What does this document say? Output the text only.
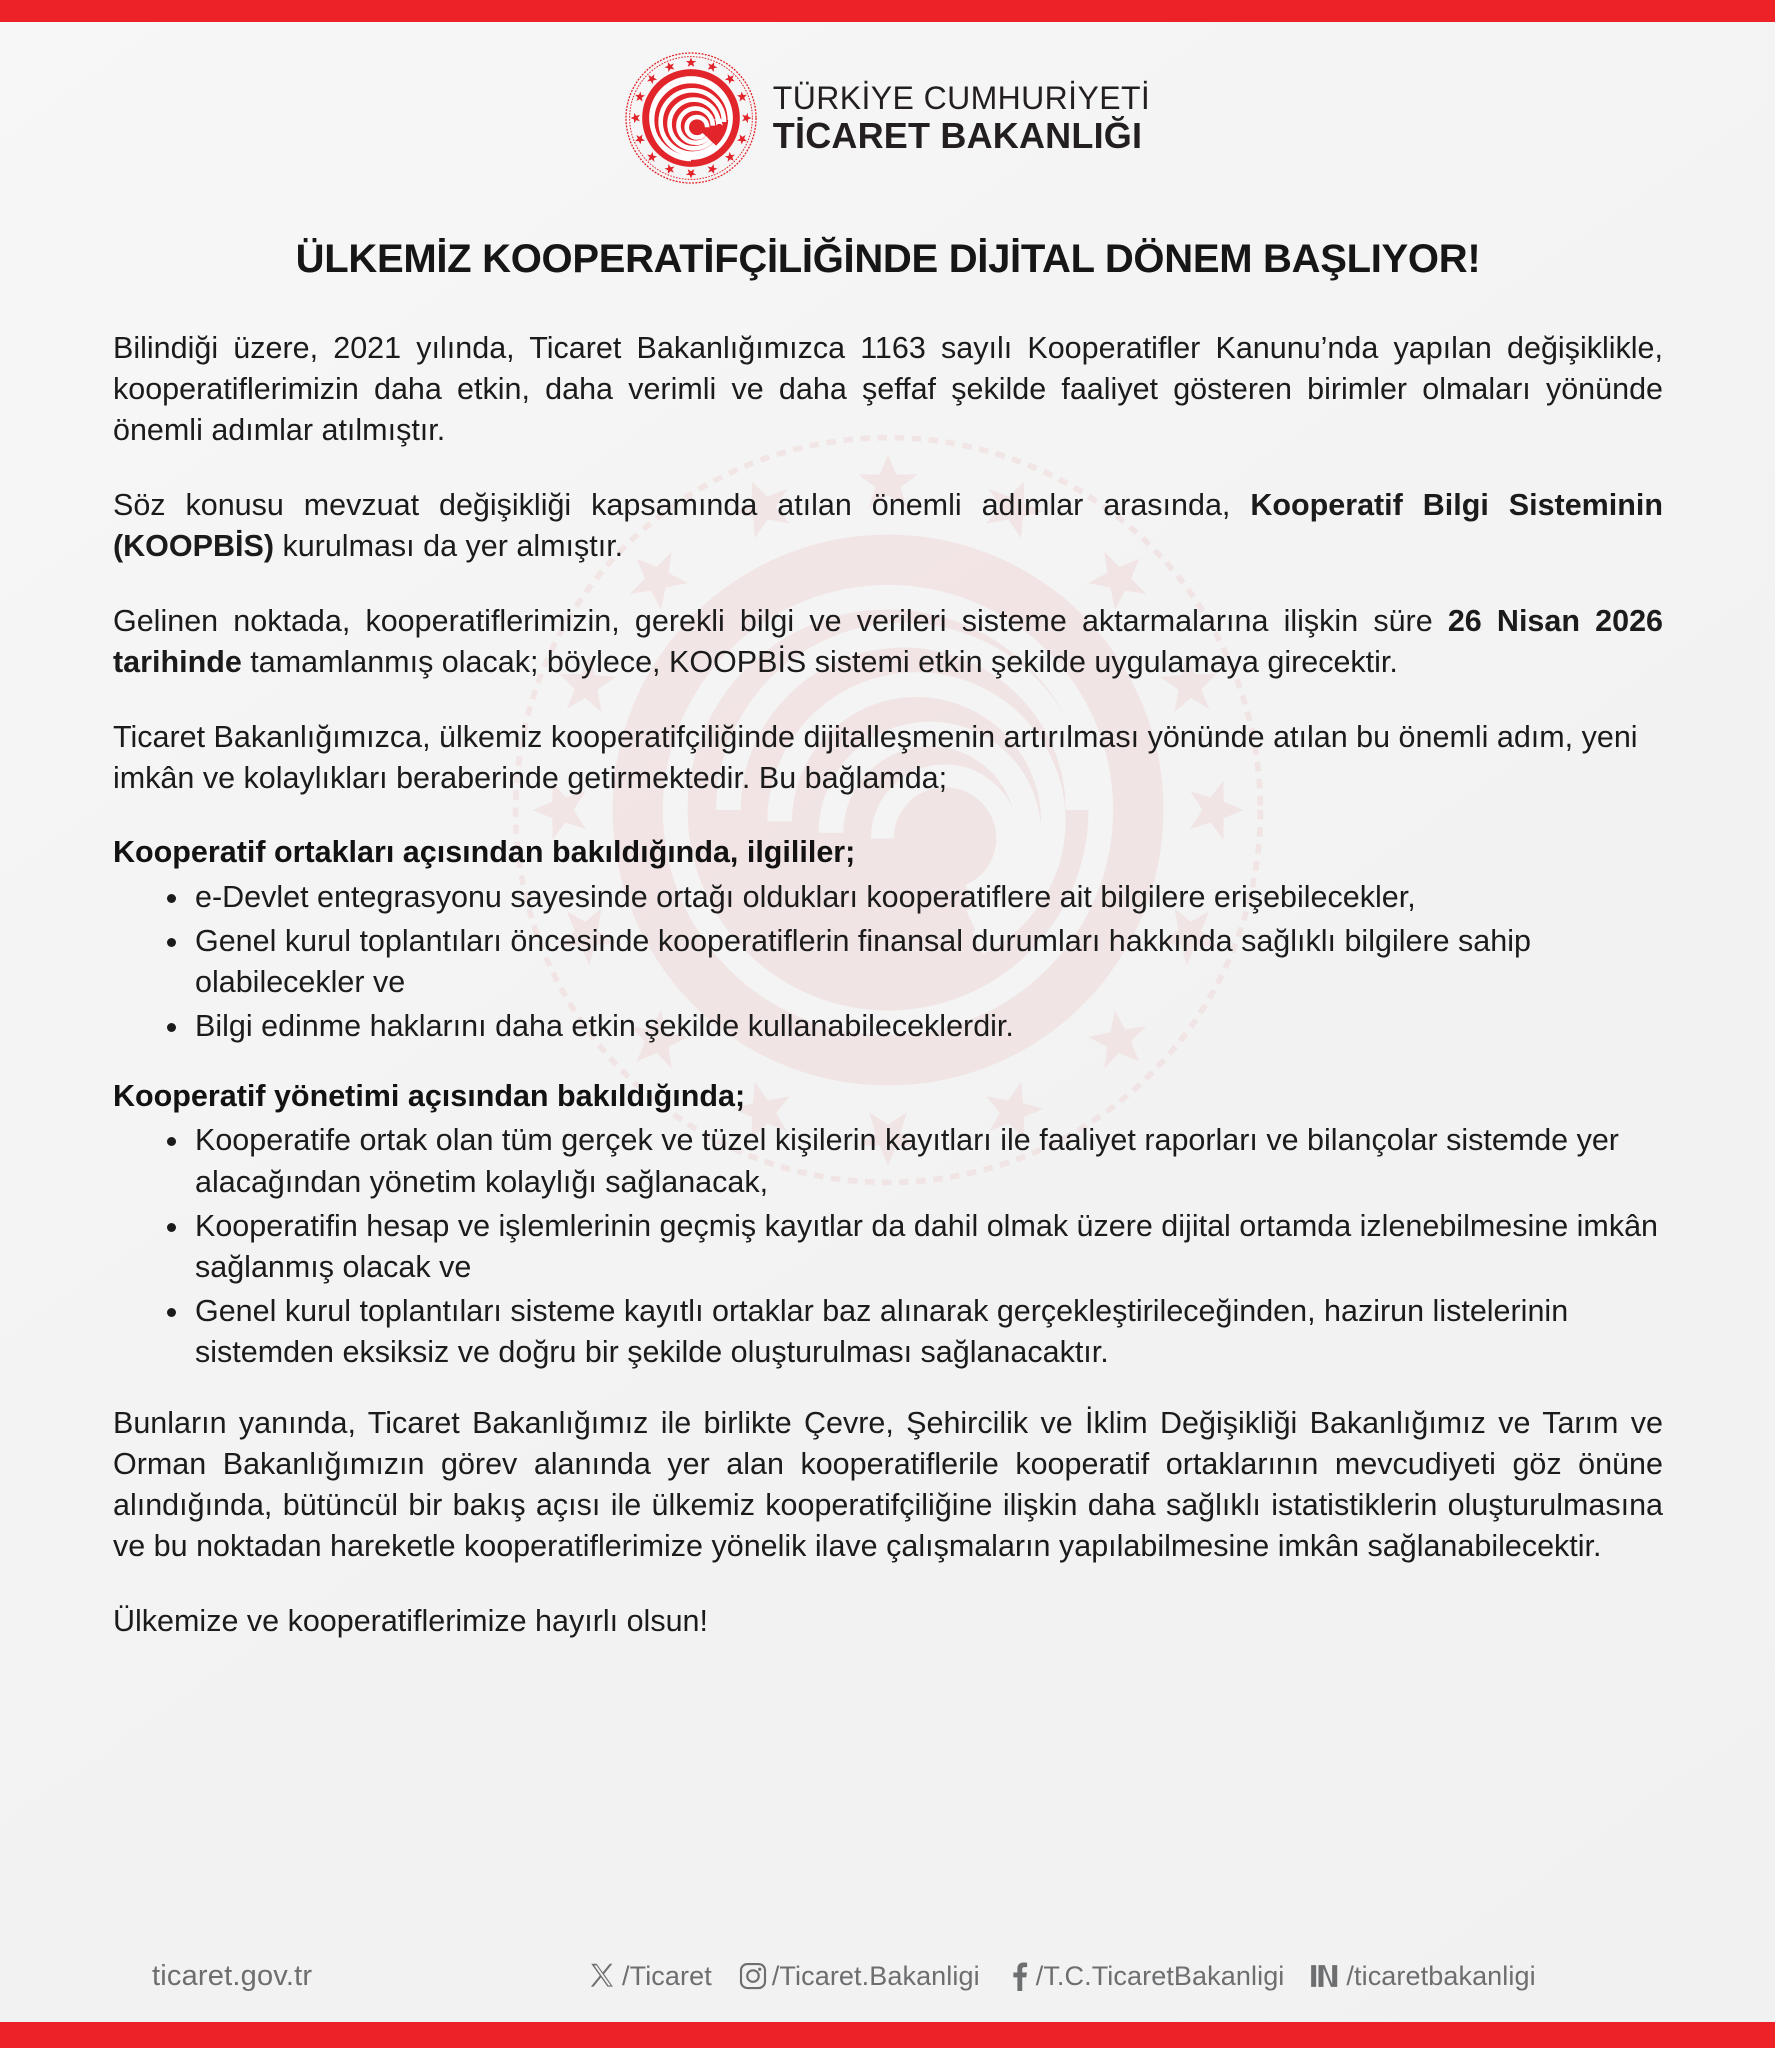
TÜRKİYE CUMHURİYETİ
TİCARET BAKANLIĞI
ÜLKEMİZ KOOPERATİFÇİLİĞİNDE DİJİTAL DÖNEM BAŞLIYOR!

Bilindiği üzere, 2021 yılında, Ticaret Bakanlığımızca 1163 sayılı Kooperatifler Kanunu’nda yapılan değişiklikle, kooperatiflerimizin daha etkin, daha verimli ve daha şeffaf şekilde faaliyet gösteren birimler olmaları yönünde önemli adımlar atılmıştır.

Söz konusu mevzuat değişikliği kapsamında atılan önemli adımlar arasında, Kooperatif Bilgi Sisteminin (KOOPBİS) kurulması da yer almıştır.

Gelinen noktada, kooperatiflerimizin, gerekli bilgi ve verileri sisteme aktarmalarına ilişkin süre 26 Nisan 2026 tarihinde tamamlanmış olacak; böylece, KOOPBİS sistemi etkin şekilde uygulamaya girecektir.

Ticaret Bakanlığımızca, ülkemiz kooperatifçiliğinde dijitalleşmenin artırılması yönünde atılan bu önemli adım, yeni imkân ve kolaylıkları beraberinde getirmektedir. Bu bağlamda;

Kooperatif ortakları açısından bakıldığında, ilgililer;
e-Devlet entegrasyonu sayesinde ortağı oldukları kooperatiflere ait bilgilere erişebilecekler,
Genel kurul toplantıları öncesinde kooperatiflerin finansal durumları hakkında sağlıklı bilgilere sahip olabilecekler ve
Bilgi edinme haklarını daha etkin şekilde kullanabileceklerdir.
Kooperatif yönetimi açısından bakıldığında;
Kooperatife ortak olan tüm gerçek ve tüzel kişilerin kayıtları ile faaliyet raporları ve bilançolar sistemde yer alacağından yönetim kolaylığı sağlanacak,
Kooperatifin hesap ve işlemlerinin geçmiş kayıtlar da dahil olmak üzere dijital ortamda izlenebilmesine imkân sağlanmış olacak ve
Genel kurul toplantıları sisteme kayıtlı ortaklar baz alınarak gerçekleştirileceğinden, hazirun listelerinin sistemden eksiksiz ve doğru bir şekilde oluşturulması sağlanacaktır.

Bunların yanında, Ticaret Bakanlığımız ile birlikte Çevre, Şehircilik ve İklim Değişikliği Bakanlığımız ve Tarım ve Orman Bakanlığımızın görev alanında yer alan kooperatiflerile kooperatif ortaklarının mevcudiyeti göz önüne alındığında, bütüncül bir bakış açısı ile ülkemiz kooperatifçiliğine ilişkin daha sağlıklı istatistiklerin oluşturulmasına ve bu noktadan hareketle kooperatiflerimize yönelik ilave çalışmaların yapılabilmesine imkân sağlanabilecektir.

Ülkemize ve kooperatiflerimize hayırlı olsun!

ticaret.gov.tr	/Ticaret /Ticaret.Bakanligi /T.C.TicaretBakanligi /ticaretbakanligi
